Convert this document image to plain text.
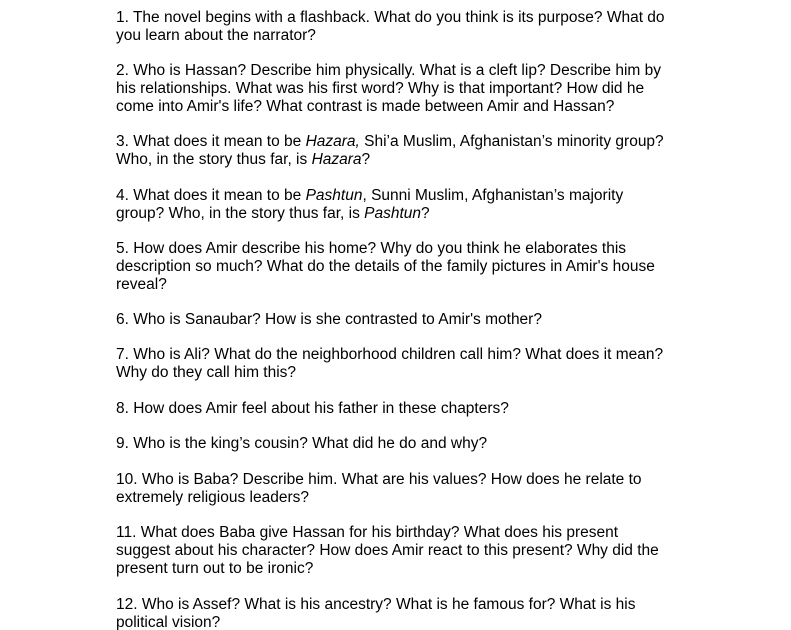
1. The novel begins with a flashback. What do you think is its purpose? What do
you learn about the narrator?

2. Who is Hassan? Describe him physically. What is a cleft lip? Describe him by
his relationships. What was his first word? Why is that important? How did he
come into Amir's life? What contrast is made between Amir and Hassan?

3. What does it mean to be Hazara, Shi’a Muslim, Afghanistan’s minority group?
Who, in the story thus far, is Hazara?

4. What does it mean to be Pashtun, Sunni Muslim, Afghanistan’s majority
group? Who, in the story thus far, is Pashtun?

5. How does Amir describe his home? Why do you think he elaborates this
description so much? What do the details of the family pictures in Amir's house
reveal?

6. Who is Sanaubar? How is she contrasted to Amir's mother?

7. Who is Ali? What do the neighborhood children call him? What does it mean?
Why do they call him this?

8. How does Amir feel about his father in these chapters?

9. Who is the king’s cousin? What did he do and why?

10. Who is Baba? Describe him. What are his values? How does he relate to
extremely religious leaders?

11. What does Baba give Hassan for his birthday? What does his present
suggest about his character? How does Amir react to this present? Why did the
present turn out to be ironic?

12. Who is Assef? What is his ancestry? What is he famous for? What is his
political vision?
